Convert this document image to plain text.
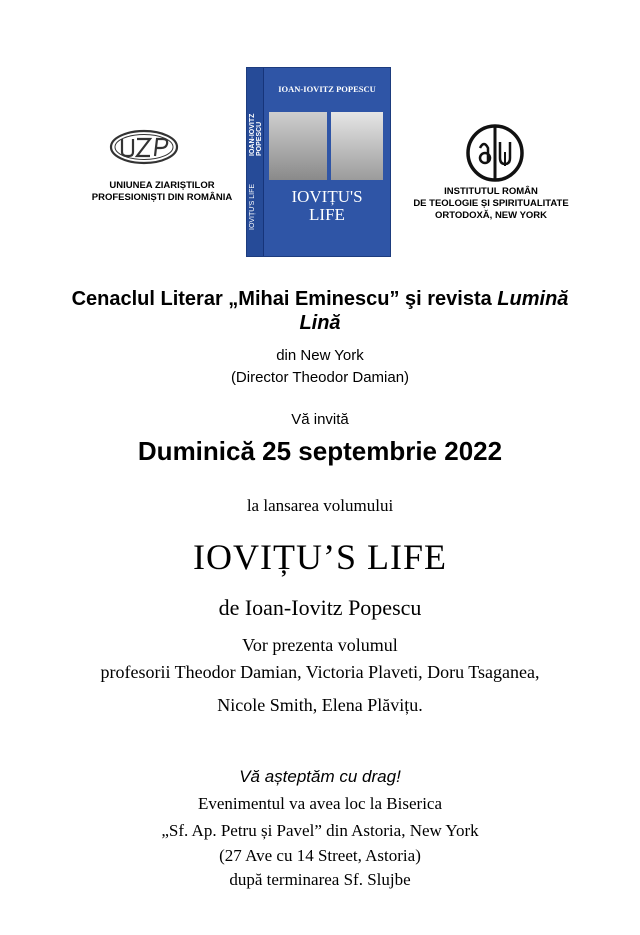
UNIUNEA ZIARIȘTILOR
PROFESIONIȘTI DIN ROMÂNIA
IOAN-IOVITZ POPESCU
IOVIȚU'S LIFE
IOAN-IOVITZ POPESCU
IOVIȚU'S
LIFE
INSTITUTUL ROMÂN
DE TEOLOGIE ȘI SPIRITUALITATE
ORTODOXĂ, NEW YORK
Cenaclul Literar „Mihai Eminescu” şi revista Lumină
Lină
din New York
(Director Theodor Damian)
Vă invită
Duminică 25 septembrie 2022
la lansarea volumului
IOVIȚU’S LIFE
de Ioan-Iovitz Popescu
Vor prezenta volumul
profesorii Theodor Damian, Victoria Plaveti, Doru Tsaganea,
Nicole Smith, Elena Plăvițu.
Vă așteptăm cu drag!
Evenimentul va avea loc la Biserica
„Sf. Ap. Petru și Pavel” din Astoria, New York
(27 Ave cu 14 Street, Astoria)
după terminarea Sf. Slujbe
